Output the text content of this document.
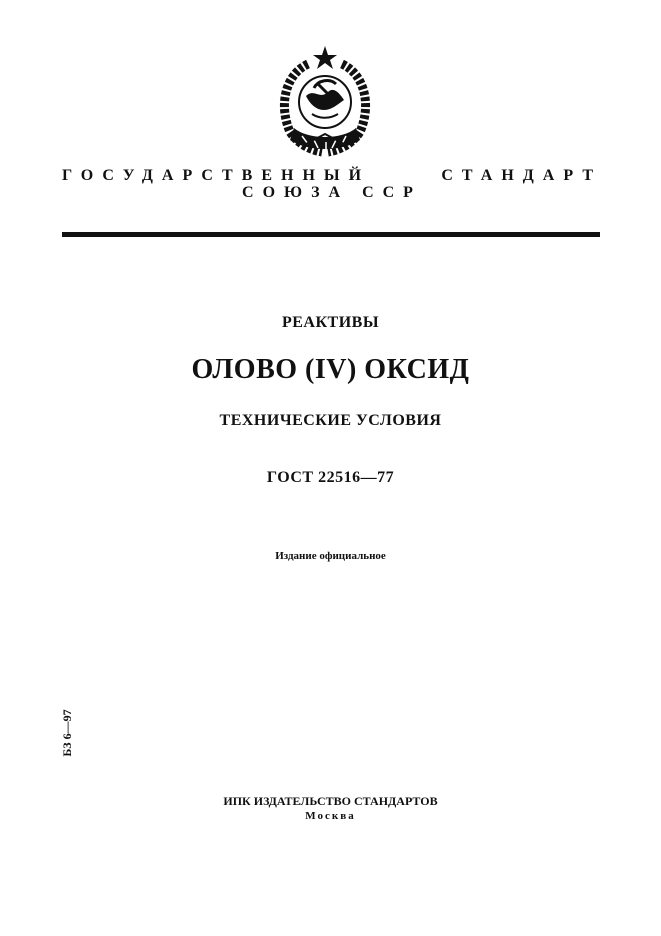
ГОСУДАРСТВЕННЫЙ СТАНДАРТ
СОЮЗА ССР
РЕАКТИВЫ
ОЛОВО (IV) ОКСИД
ТЕХНИЧЕСКИЕ УСЛОВИЯ
ГОСТ 22516—77
Издание официальное
БЗ 6—97
ИПК ИЗДАТЕЛЬСТВО СТАНДАРТОВ
Москва
